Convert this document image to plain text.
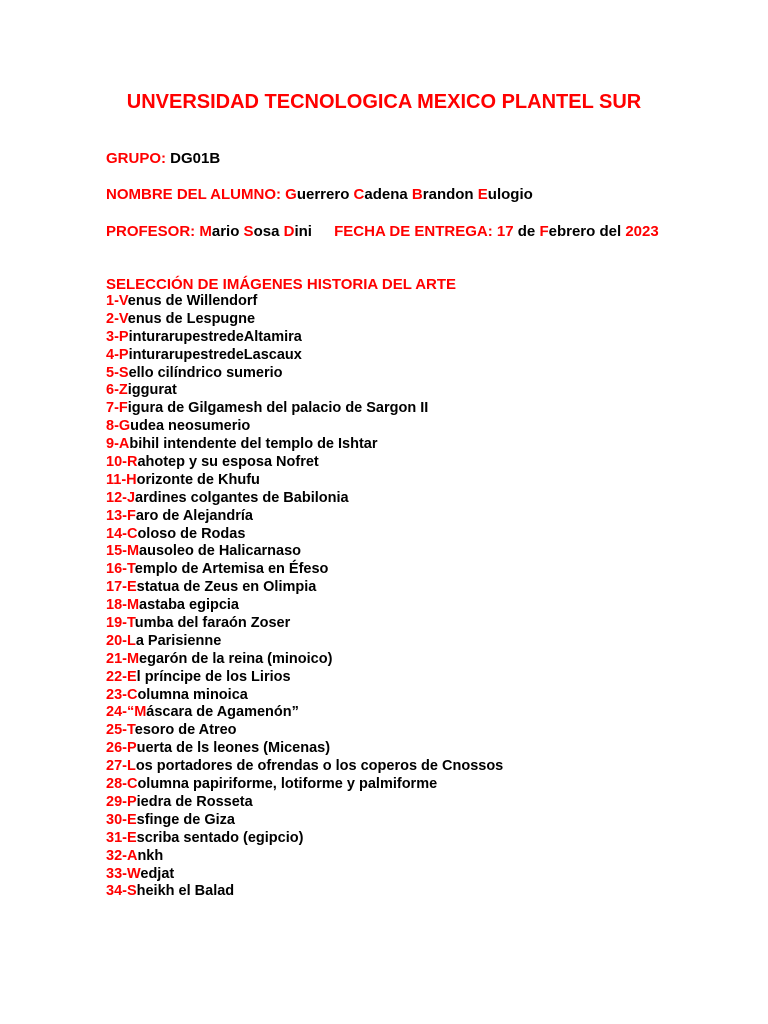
UNVERSIDAD TECNOLOGICA MEXICO PLANTEL SUR
GRUPO: DG01B
NOMBRE DEL ALUMNO: Guerrero Cadena Brandon Eulogio
PROFESOR: Mario Sosa Dini FECHA DE ENTREGA: 17 de Febrero del 2023
SELECCIÓN DE IMÁGENES HISTORIA DEL ARTE
1-Venus de Willendorf
2-Venus de Lespugne
3-PinturarupestredeAltamira
4-PinturarupestredeLascaux
5-Sello cilíndrico sumerio
6-Ziggurat
7-Figura de Gilgamesh del palacio de Sargon II
8-Gudea neosumerio
9-Abihil intendente del templo de Ishtar
10-Rahotep y su esposa Nofret
11-Horizonte de Khufu
12-Jardines colgantes de Babilonia
13-Faro de Alejandría
14-Coloso de Rodas
15-Mausoleo de Halicarnaso
16-Templo de Artemisa en Éfeso
17-Estatua de Zeus en Olimpia
18-Mastaba egipcia
19-Tumba del faraón Zoser
20-La Parisienne
21-Megarón de la reina (minoico)
22-El príncipe de los Lirios
23-Columna minoica
24-“Máscara de Agamenón”
25-Tesoro de Atreo
26-Puerta de ls leones (Micenas)
27-Los portadores de ofrendas o los coperos de Cnossos
28-Columna papiriforme, lotiforme y palmiforme
29-Piedra de Rosseta
30-Esfinge de Giza
31-Escriba sentado (egipcio)
32-Ankh
33-Wedjat
34-Sheikh el Balad
